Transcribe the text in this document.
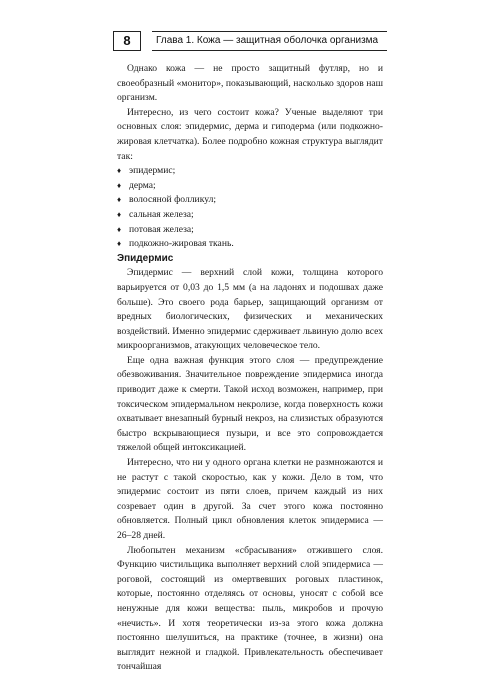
8	Глава 1. Кожа — защитная оболочка организма

Однако кожа — не просто защитный футляр, но и своеобразный «монитор», показывающий, насколько здоров наш организм.

Интересно, из чего состоит кожа? Ученые выделяют три основных слоя: эпидермис, дерма и гиподерма (или подкожно-жировая клетчатка). Более подробно кожная структура выглядит так:

♦ эпидермис;
♦ дерма;
♦ волосяной фолликул;
♦ сальная железа;
♦ потовая железа;
♦ подкожно-жировая ткань.

Эпидермис

Эпидермис — верхний слой кожи, толщина которого варьируется от 0,03 до 1,5 мм (а на ладонях и подошвах даже больше). Это своего рода барьер, защищающий организм от вредных биологических, физических и механических воздействий. Именно эпидермис сдерживает львиную долю всех микроорганизмов, атакующих человеческое тело.

Еще одна важная функция этого слоя — предупреждение обезвоживания. Значительное повреждение эпидермиса иногда приводит даже к смерти. Такой исход возможен, например, при токсическом эпидермальном некролизе, когда поверхность кожи охватывает внезапный бурный некроз, на слизистых образуются быстро вскрывающиеся пузыри, и все это сопровождается тяжелой общей интоксикацией.

Интересно, что ни у одного органа клетки не размножаются и не растут с такой скоростью, как у кожи. Дело в том, что эпидермис состоит из пяти слоев, причем каждый из них созревает один в другой. За счет этого кожа постоянно обновляется. Полный цикл обновления клеток эпидермиса — 26–28 дней.

Любопытен механизм «сбрасывания» отжившего слоя. Функцию чистильщика выполняет верхний слой эпидермиса — роговой, состоящий из омертвевших роговых пластинок, которые, постоянно отделяясь от основы, уносят с собой все ненужные для кожи вещества: пыль, микробов и прочую «нечисть». И хотя теоретически из-за этого кожа должна постоянно шелушиться, на практике (точнее, в жизни) она выглядит нежной и гладкой. Привлекательность обеспечивает тончайшая
